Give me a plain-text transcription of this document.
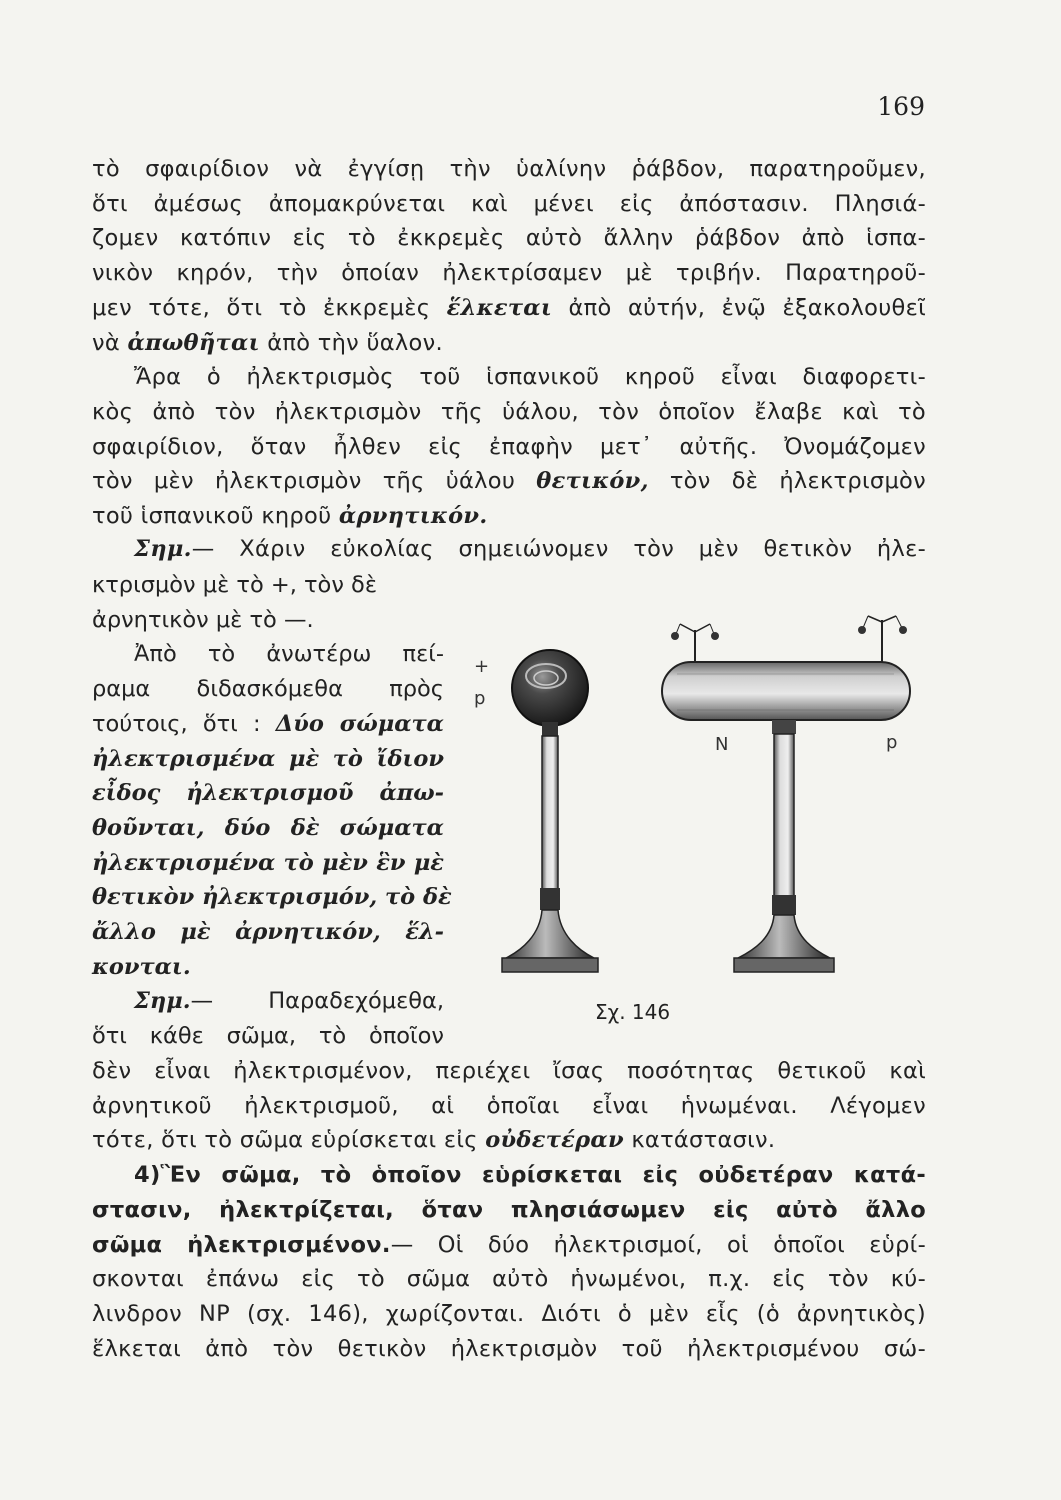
169
τὸ σφαιρίδιον νὰ ἐγγίσῃ τὴν ὑαλίνην ῥάβδον, παρατηροῦμεν,
ὅτι ἀμέσως ἀπομακρύνεται καὶ μένει εἰς ἀπόστασιν. Πλησιά-
ζομεν κατόπιν εἰς τὸ ἐκκρεμὲς αὐτὸ ἄλλην ῥάβδον ἀπὸ ἱσπα-
νικὸν κηρόν, τὴν ὁποίαν ἠλεκτρίσαμεν μὲ τριβήν. Παρατηροῦ-
μεν τότε, ὅτι τὸ ἐκκρεμὲς ἕλκεται ἀπὸ αὐτήν, ἐνῷ ἐξακολουθεῖ
νὰ ἀπωθῆται ἀπὸ τὴν ὕαλον.
Ἄρα ὁ ἠλεκτρισμὸς τοῦ ἱσπανικοῦ κηροῦ εἶναι διαφορετι-
κὸς ἀπὸ τὸν ἠλεκτρισμὸν τῆς ὑάλου, τὸν ὁποῖον ἔλαβε καὶ τὸ
σφαιρίδιον, ὅταν ἦλθεν εἰς ἐπαφὴν μετ᾽ αὐτῆς. Ὀνομάζομεν
τὸν μὲν ἠλεκτρισμὸν τῆς ὑάλου θετικόν, τὸν δὲ ἠλεκτρισμὸν
τοῦ ἱσπανικοῦ κηροῦ ἀρνητικόν.
Σημ.— Χάριν εὐκολίας σημειώνομεν τὸν μὲν θετικὸν ἠλε-
κτρισμὸν μὲ τὸ +, τὸν δὲ
ἀρνητικὸν μὲ τὸ —.
Ἀπὸ τὸ ἀνωτέρω πεί-
ραμα διδασκόμεθα πρὸς
τούτοις, ὅτι : Δύο σώματα
ἠλεκτρισμένα μὲ τὸ ἴδιον
εἶδος ἠλεκτρισμοῦ ἀπω-
θοῦνται, δύο δὲ σώματα
ἠλεκτρισμένα τὸ μὲν ἓν μὲ
θετικὸν ἠλεκτρισμόν, τὸ δὲ
ἄλλο μὲ ἀρνητικόν, ἕλ-
κονται.
Σημ.— Παραδεχόμεθα,
ὅτι κάθε σῶμα, τὸ ὁποῖον
+
p
N	p
Σχ. 146
δὲν εἶναι ἠλεκτρισμένον, περιέχει ἴσας ποσότητας θετικοῦ καὶ
ἀρνητικοῦ ἠλεκτρισμοῦ, αἱ ὁποῖαι εἶναι ἡνωμέναι. Λέγομεν
τότε, ὅτι τὸ σῶμα εὑρίσκεται εἰς οὐδετέραν κατάστασιν.
4)Ἓν σῶμα, τὸ ὁποῖον εὑρίσκεται εἰς οὐδετέραν κατά-
στασιν, ἠλεκτρίζεται, ὅταν πλησιάσωμεν εἰς αὐτὸ ἄλλο
σῶμα ἠλεκτρισμένον.— Οἱ δύο ἠλεκτρισμοί, οἱ ὁποῖοι εὑρί-
σκονται ἐπάνω εἰς τὸ σῶμα αὐτὸ ἡνωμένοι, π.χ. εἰς τὸν κύ-
λινδρον ΝΡ (σχ. 146), χωρίζονται. Διότι ὁ μὲν εἷς (ὁ ἀρνητικὸς)
ἕλκεται ἀπὸ τὸν θετικὸν ἠλεκτρισμὸν τοῦ ἠλεκτρισμένου σώ-
